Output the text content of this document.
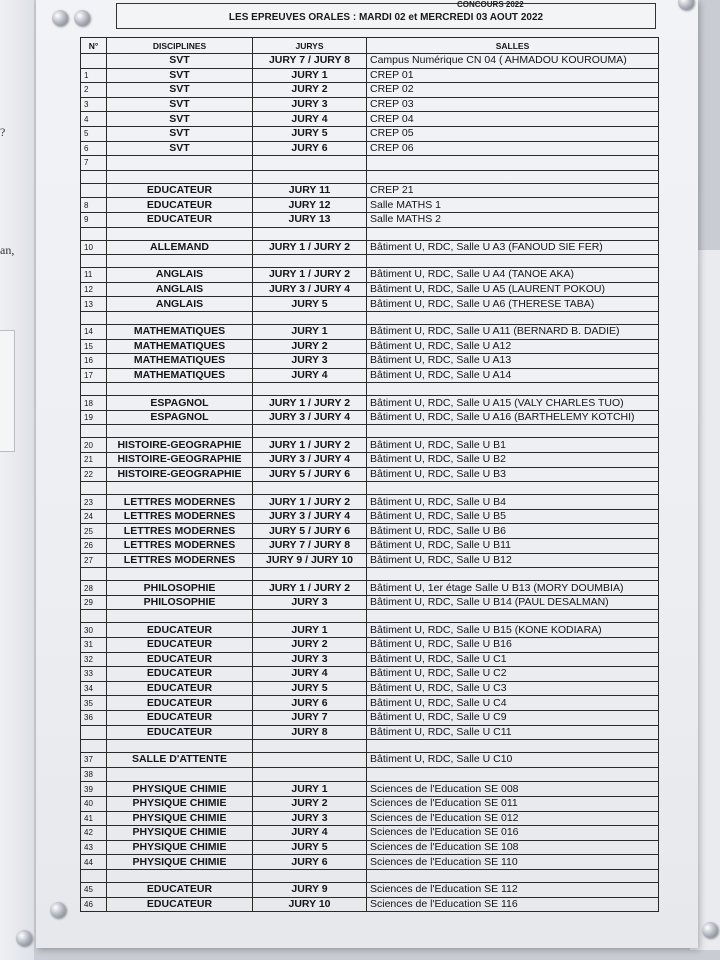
?
an,
CONCOURS 2022
LES EPREUVES ORALES : MARDI 02 et MERCREDI 03 AOUT 2022
N°	DISCIPLINES	JURYS	SALLES
	SVT	JURY 7 / JURY 8	Campus Numérique CN 04 ( AHMADOU KOUROUMA)
1	SVT	JURY 1	CREP 01
2	SVT	JURY 2	CREP 02
3	SVT	JURY 3	CREP 03
4	SVT	JURY 4	CREP 04
5	SVT	JURY 5	CREP 05
6	SVT	JURY 6	CREP 06
7			

	EDUCATEUR	JURY 11	CREP 21
8	EDUCATEUR	JURY 12	Salle MATHS 1
9	EDUCATEUR	JURY 13	Salle MATHS 2

10	ALLEMAND	JURY 1 / JURY 2	Bâtiment U, RDC, Salle U A3 (FANOUD SIE FER)

11	ANGLAIS	JURY 1 / JURY 2	Bâtiment U, RDC, Salle U A4 (TANOE AKA)
12	ANGLAIS	JURY 3 / JURY 4	Bâtiment U, RDC, Salle U A5 (LAURENT POKOU)
13	ANGLAIS	JURY 5	Bâtiment U, RDC, Salle U A6 (THERESE TABA)

14	MATHEMATIQUES	JURY 1	Bâtiment U, RDC, Salle U A11 (BERNARD B. DADIE)
15	MATHEMATIQUES	JURY 2	Bâtiment U, RDC, Salle U A12
16	MATHEMATIQUES	JURY 3	Bâtiment U, RDC, Salle U A13
17	MATHEMATIQUES	JURY 4	Bâtiment U, RDC, Salle U A14

18	ESPAGNOL	JURY 1 / JURY 2	Bâtiment U, RDC, Salle U A15 (VALY CHARLES TUO)
19	ESPAGNOL	JURY 3 / JURY 4	Bâtiment U, RDC, Salle U A16 (BARTHELEMY KOTCHI)

20	HISTOIRE-GEOGRAPHIE	JURY 1 / JURY 2	Bâtiment U, RDC, Salle U B1
21	HISTOIRE-GEOGRAPHIE	JURY 3 / JURY 4	Bâtiment U, RDC, Salle U B2
22	HISTOIRE-GEOGRAPHIE	JURY 5 / JURY 6	Bâtiment U, RDC, Salle U B3

23	LETTRES MODERNES	JURY 1 / JURY 2	Bâtiment U, RDC, Salle U B4
24	LETTRES MODERNES	JURY 3 / JURY 4	Bâtiment U, RDC, Salle U B5
25	LETTRES MODERNES	JURY 5 / JURY 6	Bâtiment U, RDC, Salle U B6
26	LETTRES MODERNES	JURY 7 / JURY 8	Bâtiment U, RDC, Salle U B11
27	LETTRES MODERNES	JURY 9 / JURY 10	Bâtiment U, RDC, Salle U B12

28	PHILOSOPHIE	JURY 1 / JURY 2	Bâtiment U, 1er étage Salle U B13 (MORY DOUMBIA)
29	PHILOSOPHIE	JURY 3	Bâtiment U, RDC, Salle U B14 (PAUL DESALMAN)

30	EDUCATEUR	JURY 1	Bâtiment U, RDC, Salle U B15 (KONE KODIARA)
31	EDUCATEUR	JURY 2	Bâtiment U, RDC, Salle U B16
32	EDUCATEUR	JURY 3	Bâtiment U, RDC, Salle U C1
33	EDUCATEUR	JURY 4	Bâtiment U, RDC, Salle U C2
34	EDUCATEUR	JURY 5	Bâtiment U, RDC, Salle U C3
35	EDUCATEUR	JURY 6	Bâtiment U, RDC, Salle U C4
36	EDUCATEUR	JURY 7	Bâtiment U, RDC, Salle U C9
	EDUCATEUR	JURY 8	Bâtiment U, RDC, Salle U C11

37	SALLE D'ATTENTE		Bâtiment U, RDC, Salle U C10
38			
39	PHYSIQUE CHIMIE	JURY 1	Sciences de l'Education SE 008
40	PHYSIQUE CHIMIE	JURY 2	Sciences de l'Education SE 011
41	PHYSIQUE CHIMIE	JURY 3	Sciences de l'Education SE 012
42	PHYSIQUE CHIMIE	JURY 4	Sciences de l'Education SE 016
43	PHYSIQUE CHIMIE	JURY 5	Sciences de l'Education SE 108
44	PHYSIQUE CHIMIE	JURY 6	Sciences de l'Education SE 110

45	EDUCATEUR	JURY 9	Sciences de l'Education SE 112
46	EDUCATEUR	JURY 10	Sciences de l'Education SE 116
